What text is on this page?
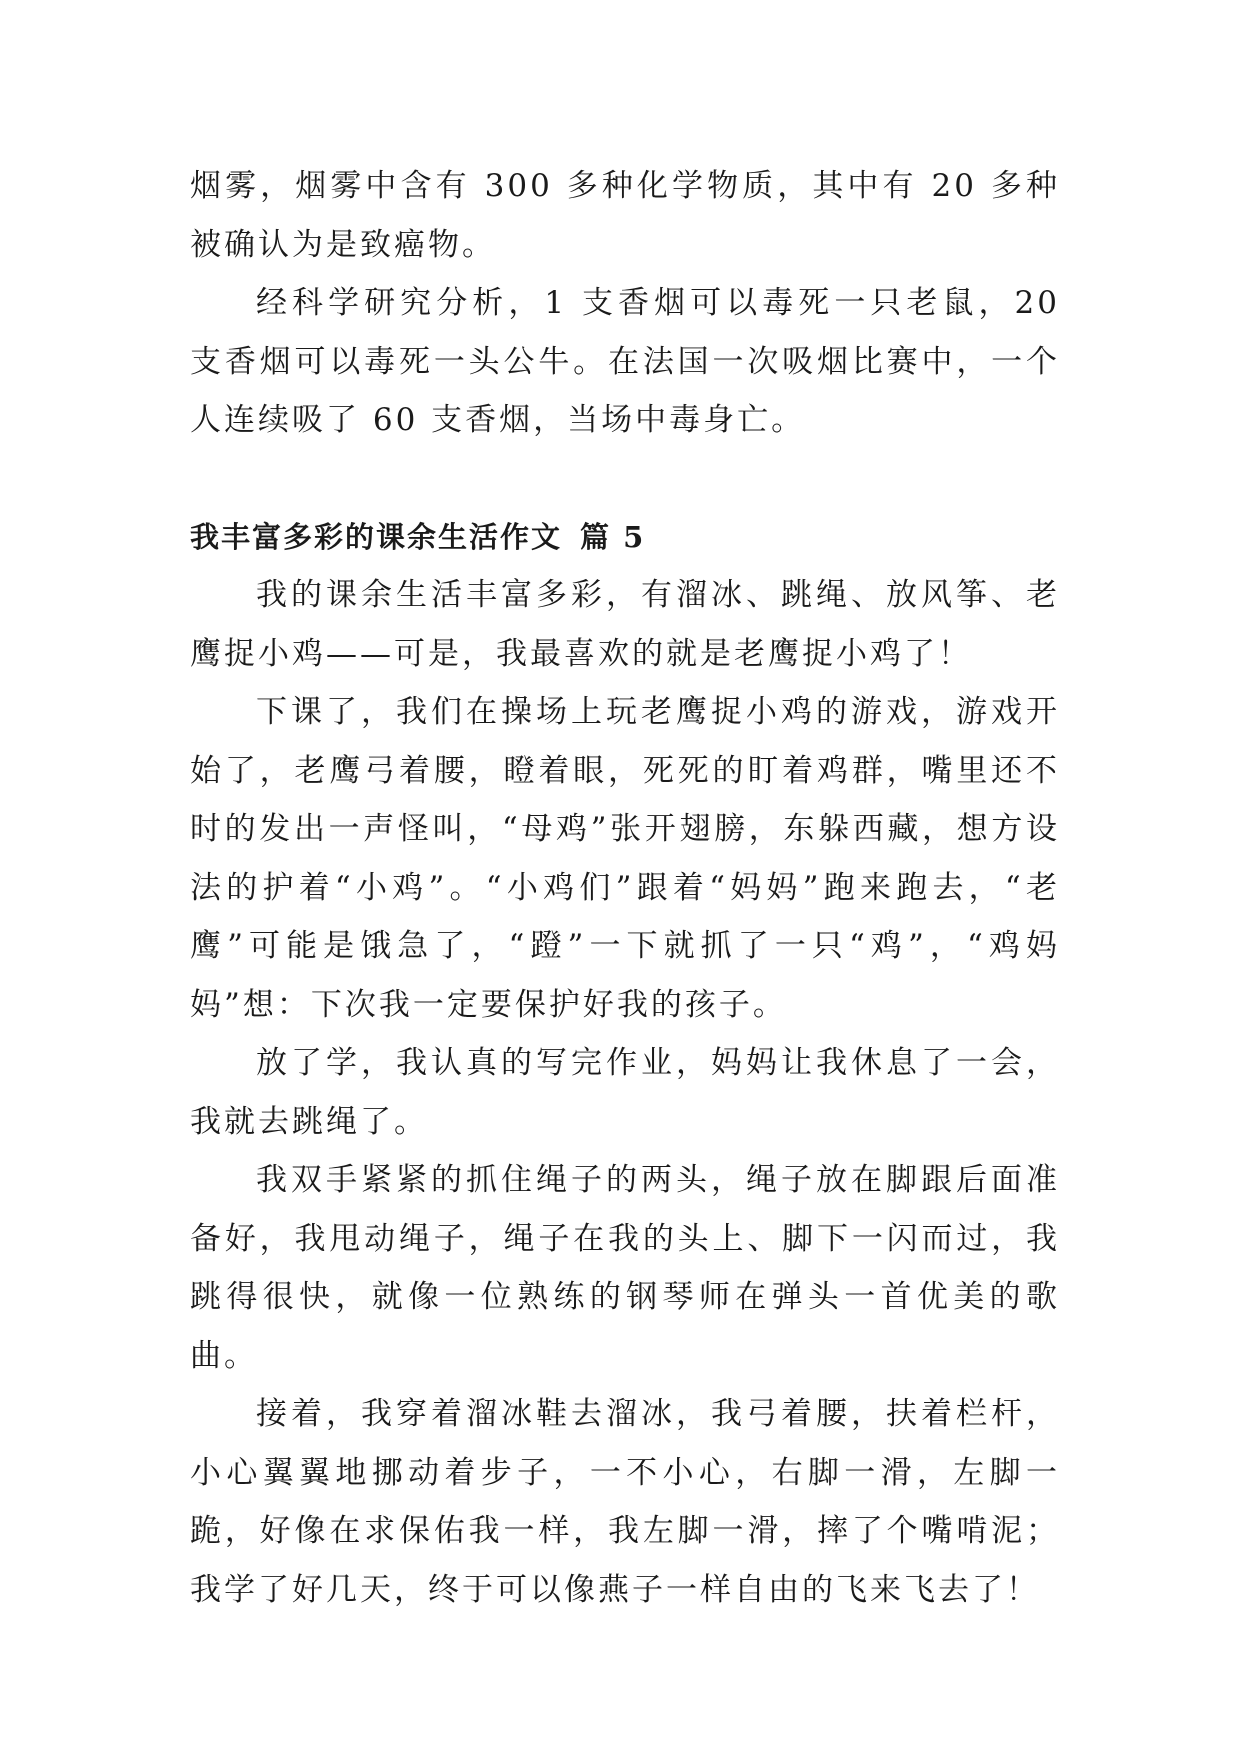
烟雾，烟雾中含有 300 多种化学物质，其中有 20 多种被确认为是致癌物。

经科学研究分析，1 支香烟可以毒死一只老鼠，20 支香烟可以毒死一头公牛。在法国一次吸烟比赛中，一个人连续吸了 60 支香烟，当场中毒身亡。

我丰富多彩的课余生活作文 篇 5

我的课余生活丰富多彩，有溜冰、跳绳、放风筝、老鹰捉小鸡——可是，我最喜欢的就是老鹰捉小鸡了！

下课了，我们在操场上玩老鹰捉小鸡的游戏，游戏开始了，老鹰弓着腰，瞪着眼，死死的盯着鸡群，嘴里还不时的发出一声怪叫，“母鸡”张开翅膀，东躲西藏，想方设法的护着“小鸡”。“小鸡们”跟着“妈妈”跑来跑去，“老鹰”可能是饿急了，“蹬”一下就抓了一只“鸡”，“鸡妈妈”想：下次我一定要保护好我的孩子。

放了学，我认真的写完作业，妈妈让我休息了一会，我就去跳绳了。

我双手紧紧的抓住绳子的两头，绳子放在脚跟后面准备好，我甩动绳子，绳子在我的头上、脚下一闪而过，我跳得很快，就像一位熟练的钢琴师在弹头一首优美的歌曲。

接着，我穿着溜冰鞋去溜冰，我弓着腰，扶着栏杆，小心翼翼地挪动着步子，一不小心，右脚一滑，左脚一跪，好像在求保佑我一样，我左脚一滑，摔了个嘴啃泥；我学了好几天，终于可以像燕子一样自由的飞来飞去了！
